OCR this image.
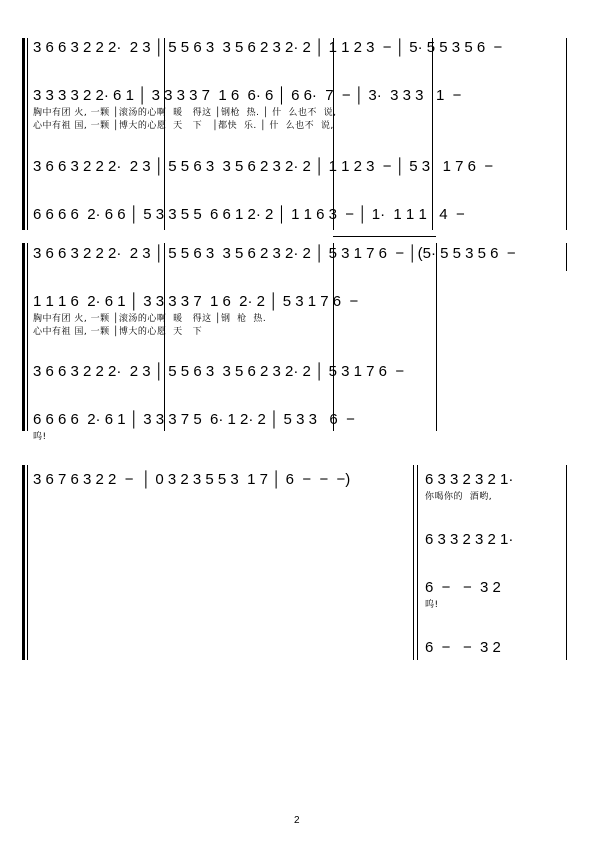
3 6 6 3 2 2 2·  2 3 │ 5 5 6 3  3 5 6 2 3 2· 2 │ 1 1 2 3  − │ 5· 5 5 3 5 6  −
3 3 3 3 2 2· 6 1 │ 3 3 3 3 7  1 6  6· 6 │ 6 6·  7  − │ 3·  3 3 3   1  −
胸中有团 火, 一颗 │滚汤的心啊  暖   得这 │钢枪  热. │ 什  么也不  说,
心中有祖 国, 一颗 │博大的心愿  天   下   │都快  乐. │ 什  么也不  说,
3 6 6 3 2 2 2·  2 3 │ 5 5 6 3  3 5 6 2 3 2· 2 │ 1 1 2 3  − │ 5 3   1 7 6  −
6 6 6 6  2· 6 6 │ 5 3 3 5 5  6 6 1 2· 2 │ 1 1 6 3  − │ 1·  1 1 1   4  −
3 6 6 3 2 2 2·  2 3 │ 5 5 6 3  3 5 6 2 3 2· 2 │ 5 3 1 7 6  − │(5· 5 5 3 5 6  −
1 1 1 6  2· 6 1 │ 3 3 3 3 7  1 6  2· 2 │ 5 3 1 7 6  −
胸中有团 火, 一颗 │滚汤的心啊  暖   得这 │钢  枪  热.
心中有祖 国, 一颗 │博大的心愿  天   下
3 6 6 3 2 2 2·  2 3 │ 5 5 6 3  3 5 6 2 3 2· 2 │ 5 3 1 7 6  −
6 6 6 6  2· 6 1 │ 3 3 3 7 5  6· 1 2· 2 │ 5 3 3   6  −
呜!
3 6 7 6 3 2 2  −  │ 0 3 2 3 5 5 3  1 7 │ 6  −  −  −)	6 3 3 2 3 2 1·
你喝你的  酒哟,
6 3 3 2 3 2 1·
6  −   −  3 2
呜!
6  −   −  3 2
2
